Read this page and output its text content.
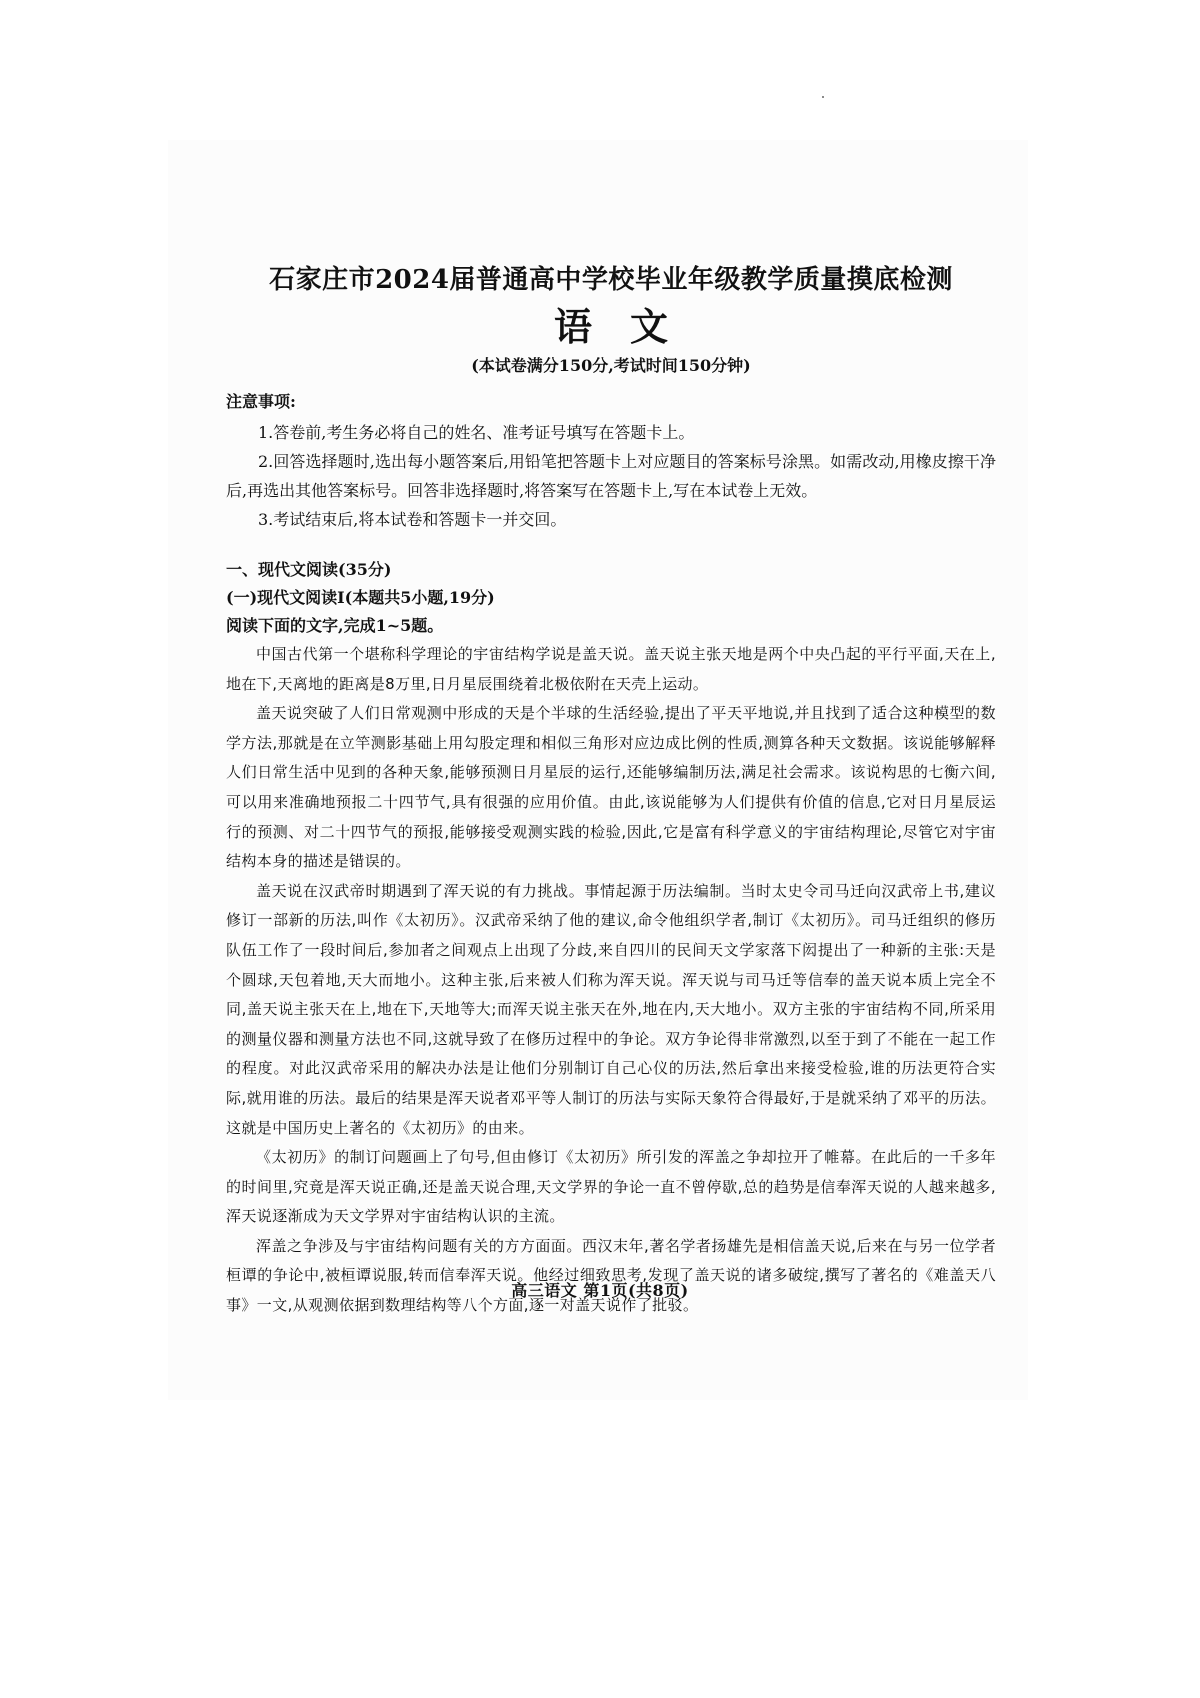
石家庄市2024届普通高中学校毕业年级教学质量摸底检测
语文
(本试卷满分150分,考试时间150分钟)
注意事项:
1.答卷前,考生务必将自己的姓名、准考证号填写在答题卡上。
2.回答选择题时,选出每小题答案后,用铅笔把答题卡上对应题目的答案标号涂黑。如需改动,用橡皮擦干净后,再选出其他答案标号。回答非选择题时,将答案写在答题卡上,写在本试卷上无效。
3.考试结束后,将本试卷和答题卡一并交回。
一、现代文阅读(35分)
(一)现代文阅读Ⅰ(本题共5小题,19分)
阅读下面的文字,完成1~5题。

中国古代第一个堪称科学理论的宇宙结构学说是盖天说。盖天说主张天地是两个中央凸起的平行平面,天在上,地在下,天离地的距离是8万里,日月星辰围绕着北极依附在天壳上运动。

盖天说突破了人们日常观测中形成的天是个半球的生活经验,提出了平天平地说,并且找到了适合这种模型的数学方法,那就是在立竿测影基础上用勾股定理和相似三角形对应边成比例的性质,测算各种天文数据。该说能够解释人们日常生活中见到的各种天象,能够预测日月星辰的运行,还能够编制历法,满足社会需求。该说构思的七衡六间,可以用来准确地预报二十四节气,具有很强的应用价值。由此,该说能够为人们提供有价值的信息,它对日月星辰运行的预测、对二十四节气的预报,能够接受观测实践的检验,因此,它是富有科学意义的宇宙结构理论,尽管它对宇宙结构本身的描述是错误的。

盖天说在汉武帝时期遇到了浑天说的有力挑战。事情起源于历法编制。当时太史令司马迁向汉武帝上书,建议修订一部新的历法,叫作《太初历》。汉武帝采纳了他的建议,命令他组织学者,制订《太初历》。司马迁组织的修历队伍工作了一段时间后,参加者之间观点上出现了分歧,来自四川的民间天文学家落下闳提出了一种新的主张:天是个圆球,天包着地,天大而地小。这种主张,后来被人们称为浑天说。浑天说与司马迁等信奉的盖天说本质上完全不同,盖天说主张天在上,地在下,天地等大;而浑天说主张天在外,地在内,天大地小。双方主张的宇宙结构不同,所采用的测量仪器和测量方法也不同,这就导致了在修历过程中的争论。双方争论得非常激烈,以至于到了不能在一起工作的程度。对此汉武帝采用的解决办法是让他们分别制订自己心仪的历法,然后拿出来接受检验,谁的历法更符合实际,就用谁的历法。最后的结果是浑天说者邓平等人制订的历法与实际天象符合得最好,于是就采纳了邓平的历法。这就是中国历史上著名的《太初历》的由来。

《太初历》的制订问题画上了句号,但由修订《太初历》所引发的浑盖之争却拉开了帷幕。在此后的一千多年的时间里,究竟是浑天说正确,还是盖天说合理,天文学界的争论一直不曾停歇,总的趋势是信奉浑天说的人越来越多,浑天说逐渐成为天文学界对宇宙结构认识的主流。

浑盖之争涉及与宇宙结构问题有关的方方面面。西汉末年,著名学者扬雄先是相信盖天说,后来在与另一位学者桓谭的争论中,被桓谭说服,转而信奉浑天说。他经过细致思考,发现了盖天说的诸多破绽,撰写了著名的《难盖天八事》一文,从观测依据到数理结构等八个方面,逐一对盖天说作了批驳。

高三语文 第1页(共8页)
